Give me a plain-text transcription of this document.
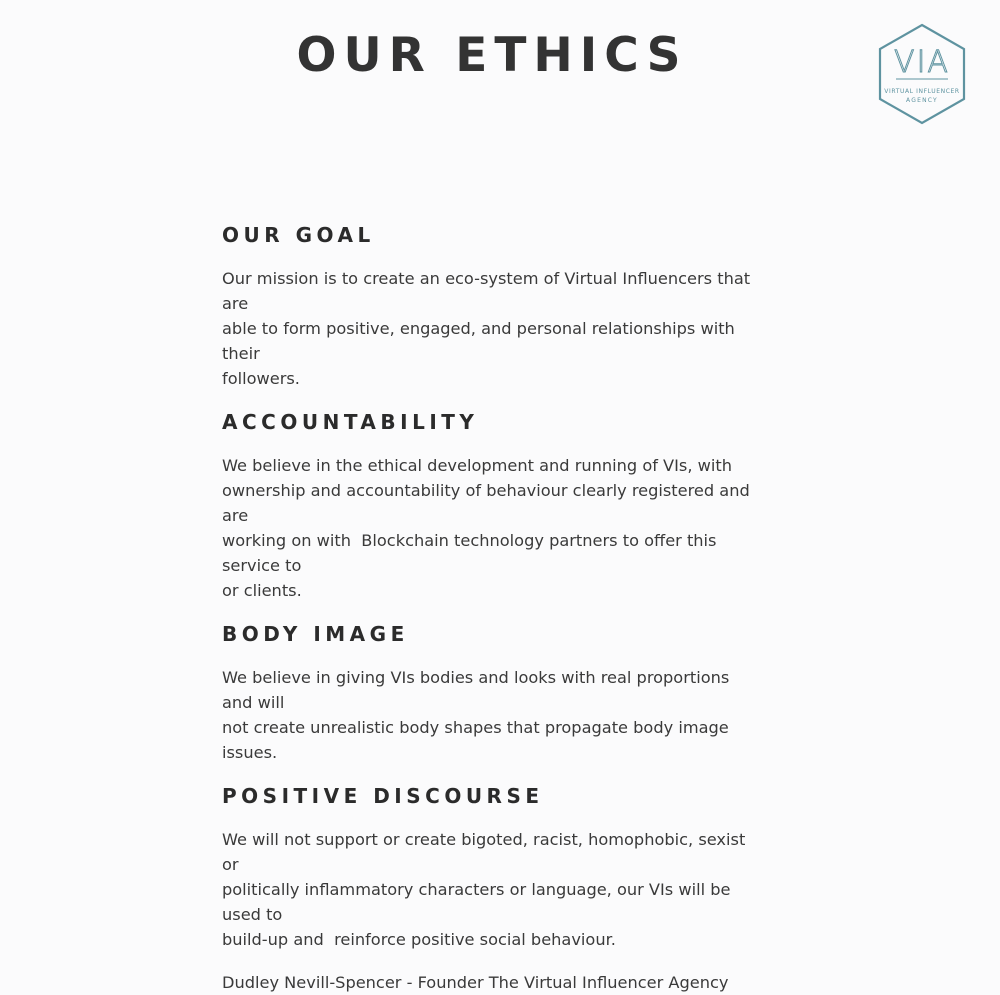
OUR ETHICS	VIA
VIRTUAL INFLUENCER
AGENCY
OUR GOAL

Our mission is to create an eco-system of Virtual Influencers that are
able to form positive, engaged, and personal relationships with their
followers.

ACCOUNTABILITY

We believe in the ethical development and running of VIs, with
ownership and accountability of behaviour clearly registered and are
working on with  Blockchain technology partners to offer this service to
or clients.

BODY IMAGE

We believe in giving VIs bodies and looks with real proportions and will
not create unrealistic body shapes that propagate body image issues.

POSITIVE DISCOURSE

We will not support or create bigoted, racist, homophobic, sexist or
politically inflammatory characters or language, our VIs will be used to
build-up and  reinforce positive social behaviour.

Dudley Nevill-Spencer - Founder The Virtual Influencer Agency
